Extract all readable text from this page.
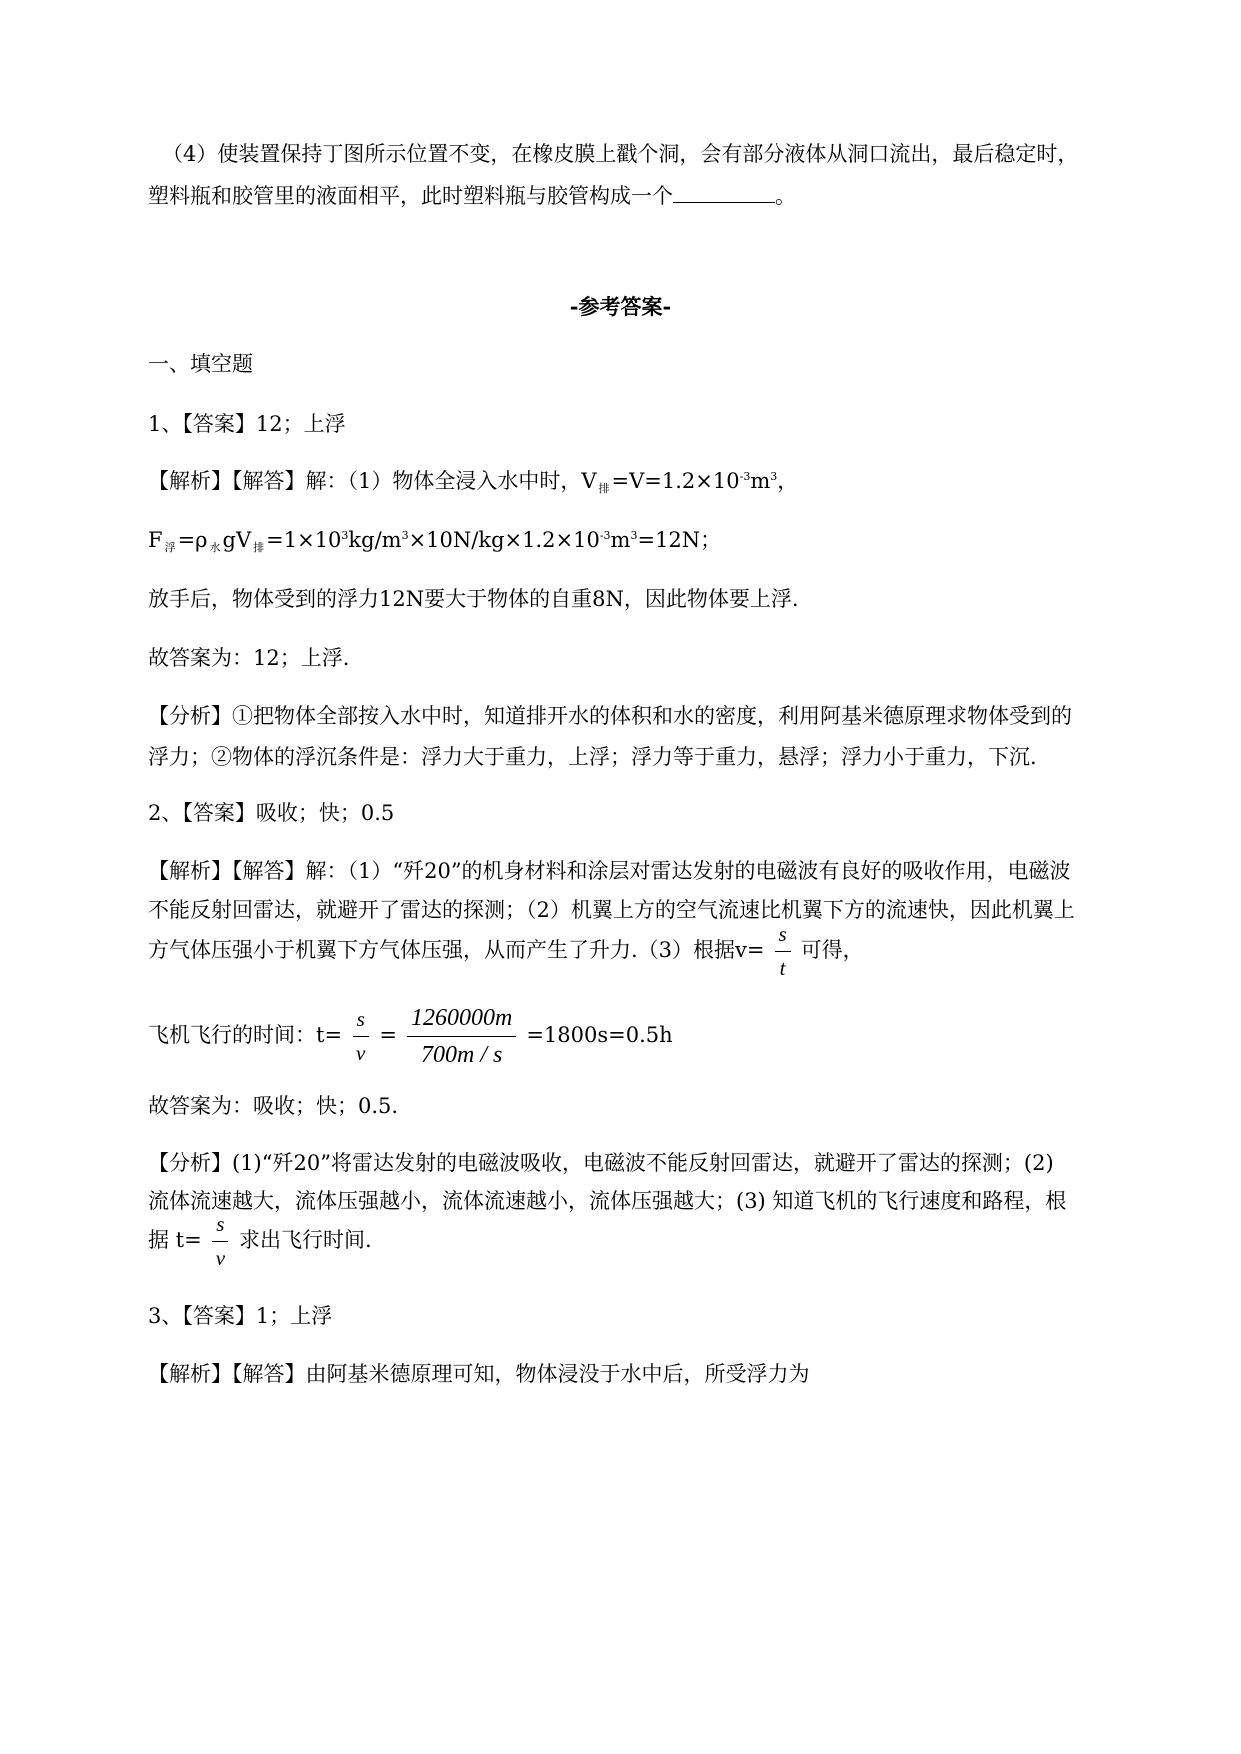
（4）使装置保持丁图所示位置不变，在橡皮膜上戳个洞，会有部分液体从洞口流出，最后稳定时，
塑料瓶和胶管里的液面相平，此时塑料瓶与胶管构成一个	。
-参考答案-
一、填空题
1、【答案】12；上浮
【解析】【解答】解：（1）物体全浸入水中时，V $_排=V=1.2\times 10^{-3}m^3$，
F $_浮$=ρ $_水$gV $_排=1\times 10^3kg/m^3\times 10N/kg\times 1.2\times 10^{-3}m^3=12N$；
放手后，物体受到的浮力12N要大于物体的自重8N，因此物体要上浮.
故答案为：12；上浮.
【分析】①把物体全部按入水中时，知道排开水的体积和水的密度，利用阿基米德原理求物体受到的
浮力；②物体的浮沉条件是：浮力大于重力，上浮；浮力等于重力，悬浮；浮力小于重力，下沉.
2、【答案】吸收；快；0.5
【解析】【解答】解：（1）“歼20”的机身材料和涂层对雷达发射的电磁波有良好的吸收作用，电磁波
不能反射回雷达，就避开了雷达的探测；（2）机翼上方的空气流速比机翼下方的流速快，因此机翼上
方气体压强小于机翼下方气体压强，从而产生了升力.（3）根据$v= \frac{s}{t}$ 可得，
飞机飞行的时间：$t= \frac{s}{v} = \frac{1260000m}{700m / s} =1800s=0.5h$
故答案为：吸收；快；0.5.
【分析】(1)“歼20”将雷达发射的电磁波吸收，电磁波不能反射回雷达，就避开了雷达的探测；(2)
流体流速越大，流体压强越小，流体流速越小，流体压强越大；(3) 知道飞机的飞行速度和路程，根
据 $t= \frac{s}{v}$ 求出飞行时间.
3、【答案】1；上浮
【解析】【解答】由阿基米德原理可知，物体浸没于水中后，所受浮力为
